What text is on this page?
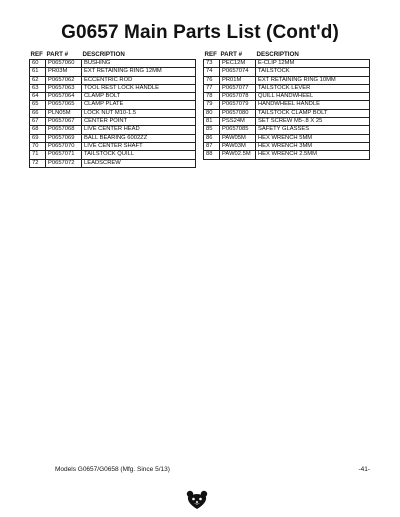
G0657 Main Parts List (Cont'd)
REF	PART #	DESCRIPTION
60	P0657060	BUSHING
61	PR03M	EXT RETAINING RING 12MM
62	P0657062	ECCENTRIC ROD
63	P0657063	TOOL REST LOCK HANDLE
64	P0657064	CLAMP BOLT
65	P0657065	CLAMP PLATE
66	PLN05M	LOCK NUT M10-1.5
67	P0657067	CENTER POINT
68	P0657068	LIVE CENTER HEAD
69	P0657069	BALL BEARING 6002ZZ
70	P0657070	LIVE CENTER SHAFT
71	P0657071	TAILSTOCK QUILL
72	P0657072	LEADSCREW
REF	PART #	DESCRIPTION
73	PEC12M	E-CLIP 12MM
74	P0657074	TAILSTOCK
76	PR01M	EXT RETAINING RING 10MM
77	P0657077	TAILSTOCK LEVER
78	P0657078	QUILL HANDWHEEL
79	P0657079	HANDWHEEL HANDLE
80	P0657080	TAILSTOCK CLAMP BOLT
81	PSS24M	SET SCREW M5-.8 X 25
85	P0657085	SAFETY GLASSES
86	PAW05M	HEX WRENCH 5MM
87	PAW03M	HEX WRENCH 3MM
88	PAW02.5M	HEX WRENCH 2.5MM
Models G0657/G0658 (Mfg. Since 5/13)	-41-
